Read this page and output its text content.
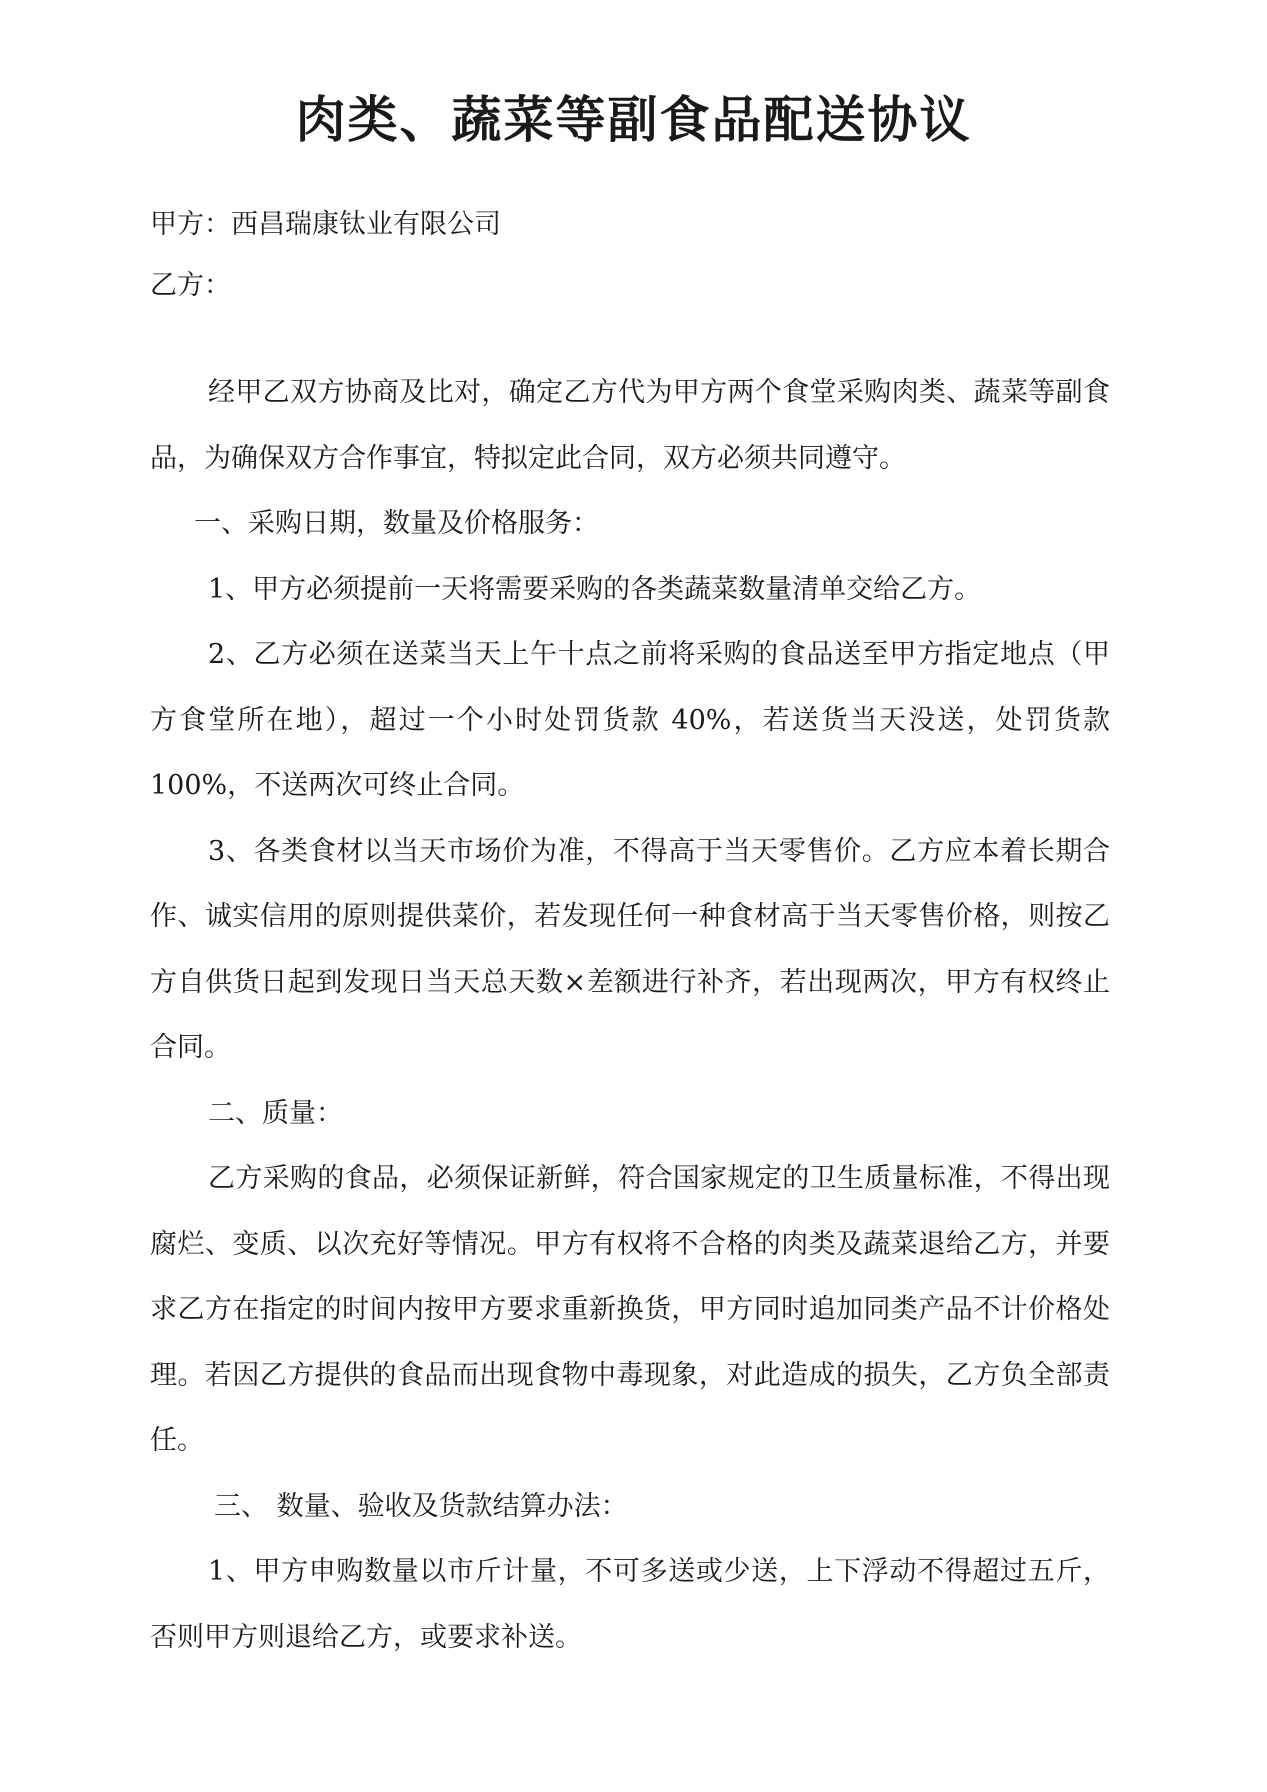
肉类、蔬菜等副食品配送协议

甲方：西昌瑞康钛业有限公司

乙方：

经甲乙双方协商及比对，确定乙方代为甲方两个食堂采购肉类、蔬菜等副食品，为确保双方合作事宜，特拟定此合同，双方必须共同遵守。

一、采购日期，数量及价格服务：

1、甲方必须提前一天将需要采购的各类蔬菜数量清单交给乙方。

2、乙方必须在送菜当天上午十点之前将采购的食品送至甲方指定地点（甲方食堂所在地），超过一个小时处罚货款 40%，若送货当天没送，处罚货款 100%，不送两次可终止合同。

3、各类食材以当天市场价为准，不得高于当天零售价。乙方应本着长期合作、诚实信用的原则提供菜价，若发现任何一种食材高于当天零售价格，则按乙方自供货日起到发现日当天总天数×差额进行补齐，若出现两次，甲方有权终止合同。

二、质量：

乙方采购的食品，必须保证新鲜，符合国家规定的卫生质量标准，不得出现腐烂、变质、以次充好等情况。甲方有权将不合格的肉类及蔬菜退给乙方，并要求乙方在指定的时间内按甲方要求重新换货，甲方同时追加同类产品不计价格处理。若因乙方提供的食品而出现食物中毒现象，对此造成的损失，乙方负全部责任。

三、 数量、验收及货款结算办法：

1、甲方申购数量以市斤计量，不可多送或少送，上下浮动不得超过五斤，否则甲方则退给乙方，或要求补送。
